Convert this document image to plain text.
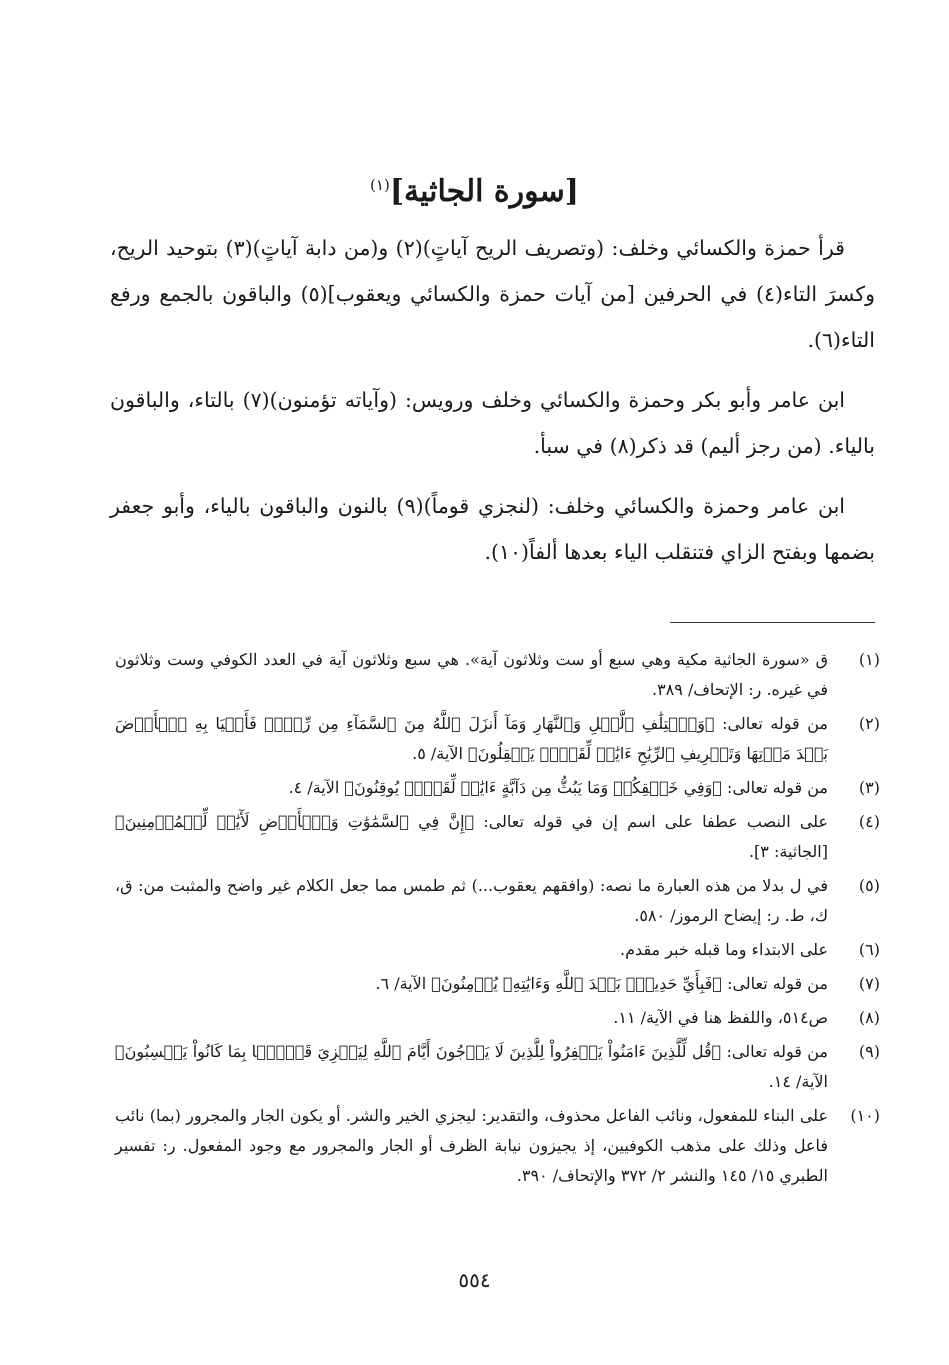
[سورة الجاثية]$^{(١)}$

قرأ حمزة والكسائي وخلف: (وتصريف الريح آياتٍ)(٢) و(من دابة آياتٍ)(٣) بتوحيد الريح، وكسرَ التاء(٤) في الحرفين [من آيات حمزة والكسائي ويعقوب](٥) والباقون بالجمع ورفع التاء(٦).

ابن عامر وأبو بكر وحمزة والكسائي وخلف ورويس: (وآياته تؤمنون)(٧) بالتاء، والباقون بالياء. (من رجز أليم) قد ذكر(٨) في سبأ.

ابن عامر وحمزة والكسائي وخلف: (لنجزي قوماً)(٩) بالنون والباقون بالياء، وأبو جعفر بضمها وبفتح الزاي فتنقلب الياء بعدها ألفاً(١٠).

(١)
ق «سورة الجاثية مكية وهي سبع أو ست وثلاثون آية». هي سبع وثلاثون آية في العدد الكوفي وست وثلاثون في غيره. ر: الإتحاف/ ٣٨٩.
(٢)
من قوله تعالى: ﴿وَٱخۡتِلَٰفِ ٱلَّيۡلِ وَٱلنَّهَارِ وَمَآ أَنزَلَ ٱللَّهُ مِنَ ٱلسَّمَآءِ مِن رِّزۡقٖ فَأَحۡيَا بِهِ ٱلۡأَرۡضَ بَعۡدَ مَوۡتِهَا وَتَصۡرِيفِ ٱلرِّيَٰحِ ءَايَٰتٞ لِّقَوۡمٖ يَعۡقِلُونَ﴾ الآية/ ٥.
(٣)
من قوله تعالى: ﴿وَفِي خَلۡقِكُمۡ وَمَا يَبُثُّ مِن دَآبَّةٍ ءَايَٰتٞ لِّقَوۡمٖ يُوقِنُونَ﴾ الآية/ ٤.
(٤)
على النصب عطفا على اسم إن في قوله تعالى: ﴿إِنَّ فِي ٱلسَّمَٰوَٰتِ وَٱلۡأَرۡضِ لَأٓيَٰتٖ لِّلۡمُؤۡمِنِينَ﴾ [الجاثية: ٣].
(٥)
في ل بدلا من هذه العبارة ما نصه: (وافقهم يعقوب...) ثم طمس مما جعل الكلام غير واضح والمثبت من: ق، ك، ط. ر: إيضاح الرموز/ ٥٨٠.
(٦)
على الابتداء وما قبله خبر مقدم.
(٧)
من قوله تعالى: ﴿فَبِأَيِّ حَدِيثِۢ بَعۡدَ ٱللَّهِ وَءَايَٰتِهِۦ يُؤۡمِنُونَ﴾ الآية/ ٦.
(٨)
ص٥١٤، واللفظ هنا في الآية/ ١١.
(٩)
من قوله تعالى: ﴿قُل لِّلَّذِينَ ءَامَنُواْ يَغۡفِرُواْ لِلَّذِينَ لَا يَرۡجُونَ أَيَّامَ ٱللَّهِ لِيَجۡزِيَ قَوۡمَۢا بِمَا كَانُواْ يَكۡسِبُونَ﴾ الآية/ ١٤.
(١٠)
على البناء للمفعول، ونائب الفاعل محذوف، والتقدير: ليجزي الخير والشر. أو يكون الجار والمجرور (بما) نائب فاعل وذلك على مذهب الكوفيين، إذ يجيزون نيابة الظرف أو الجار والمجرور مع وجود المفعول. ر: تفسير الطبري ١٥/ ١٤٥ والنشر ٢/ ٣٧٢ والإتحاف/ ٣٩٠.
٥٥٤
